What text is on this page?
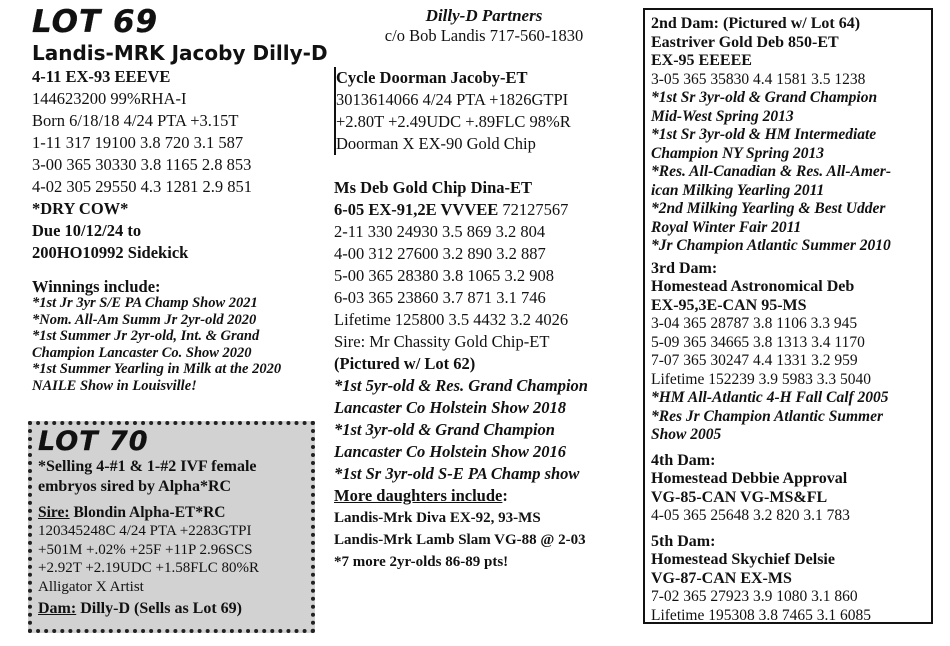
LOT 69
Landis-MRK Jacoby Dilly-D
4-11 EX-93 EEEVE
144623200 99%RHA-I
Born 6/18/18 4/24 PTA +3.15T
1-11 317 19100 3.8 720 3.1 587
3-00 365 30330 3.8 1165 2.8 853
4-02 305 29550 4.3 1281 2.9 851
*DRY COW*
Due 10/12/24 to
200HO10992 Sidekick
Winnings include:
*1st Jr 3yr S/E PA Champ Show 2021
*Nom. All-Am Summ Jr 2yr-old 2020
*1st Summer Jr 2yr-old, Int. & Grand
Champion Lancaster Co. Show 2020
*1st Summer Yearling in Milk at the 2020
NAILE Show in Louisville!
LOT 70
*Selling 4-#1 & 1-#2 IVF female
embryos sired by Alpha*RC
Sire: Blondin Alpha-ET*RC
120345248C 4/24 PTA +2283GTPI
+501M +.02% +25F +11P 2.96SCS
+2.92T +2.19UDC +1.58FLC 80%R
Alligator X Artist
Dam: Dilly-D (Sells as Lot 69)
Dilly-D Partners
c/o Bob Landis 717-560-1830
Cycle Doorman Jacoby-ET
3013614066 4/24 PTA +1826GTPI
+2.80T +2.49UDC +.89FLC 98%R
Doorman X EX-90 Gold Chip
Ms Deb Gold Chip Dina-ET
6-05 EX-91,2E VVVEE 72127567
2-11 330 24930 3.5 869 3.2 804
4-00 312 27600 3.2 890 3.2 887
5-00 365 28380 3.8 1065 3.2 908
6-03 365 23860 3.7 871 3.1 746
Lifetime 125800 3.5 4432 3.2 4026
Sire: Mr Chassity Gold Chip-ET
(Pictured w/ Lot 62)
*1st 5yr-old & Res. Grand Champion
Lancaster Co Holstein Show 2018
*1st 3yr-old & Grand Champion
Lancaster Co Holstein Show 2016
*1st Sr 3yr-old S-E PA Champ show
More daughters include:
Landis-Mrk Diva EX-92, 93-MS
Landis-Mrk Lamb Slam VG-88 @ 2-03
*7 more 2yr-olds 86-89 pts!
2nd Dam: (Pictured w/ Lot 64)
Eastriver Gold Deb 850-ET
EX-95 EEEEE
3-05 365 35830 4.4 1581 3.5 1238
*1st Sr 3yr-old & Grand Champion
Mid-West Spring 2013
*1st Sr 3yr-old & HM Intermediate
Champion NY Spring 2013
*Res. All-Canadian & Res. All-Amer-
ican Milking Yearling 2011
*2nd Milking Yearling & Best Udder
Royal Winter Fair 2011
*Jr Champion Atlantic Summer 2010
3rd Dam:
Homestead Astronomical Deb
EX-95,3E-CAN 95-MS
3-04 365 28787 3.8 1106 3.3 945
5-09 365 34665 3.8 1313 3.4 1170
7-07 365 30247 4.4 1331 3.2 959
Lifetime 152239 3.9 5983 3.3 5040
*HM All-Atlantic 4-H Fall Calf 2005
*Res Jr Champion Atlantic Summer
Show 2005
4th Dam:
Homestead Debbie Approval
VG-85-CAN VG-MS&FL
4-05 365 25648 3.2 820 3.1 783
5th Dam:
Homestead Skychief Delsie
VG-87-CAN EX-MS
7-02 365 27923 3.9 1080 3.1 860
Lifetime 195308 3.8 7465 3.1 6085
